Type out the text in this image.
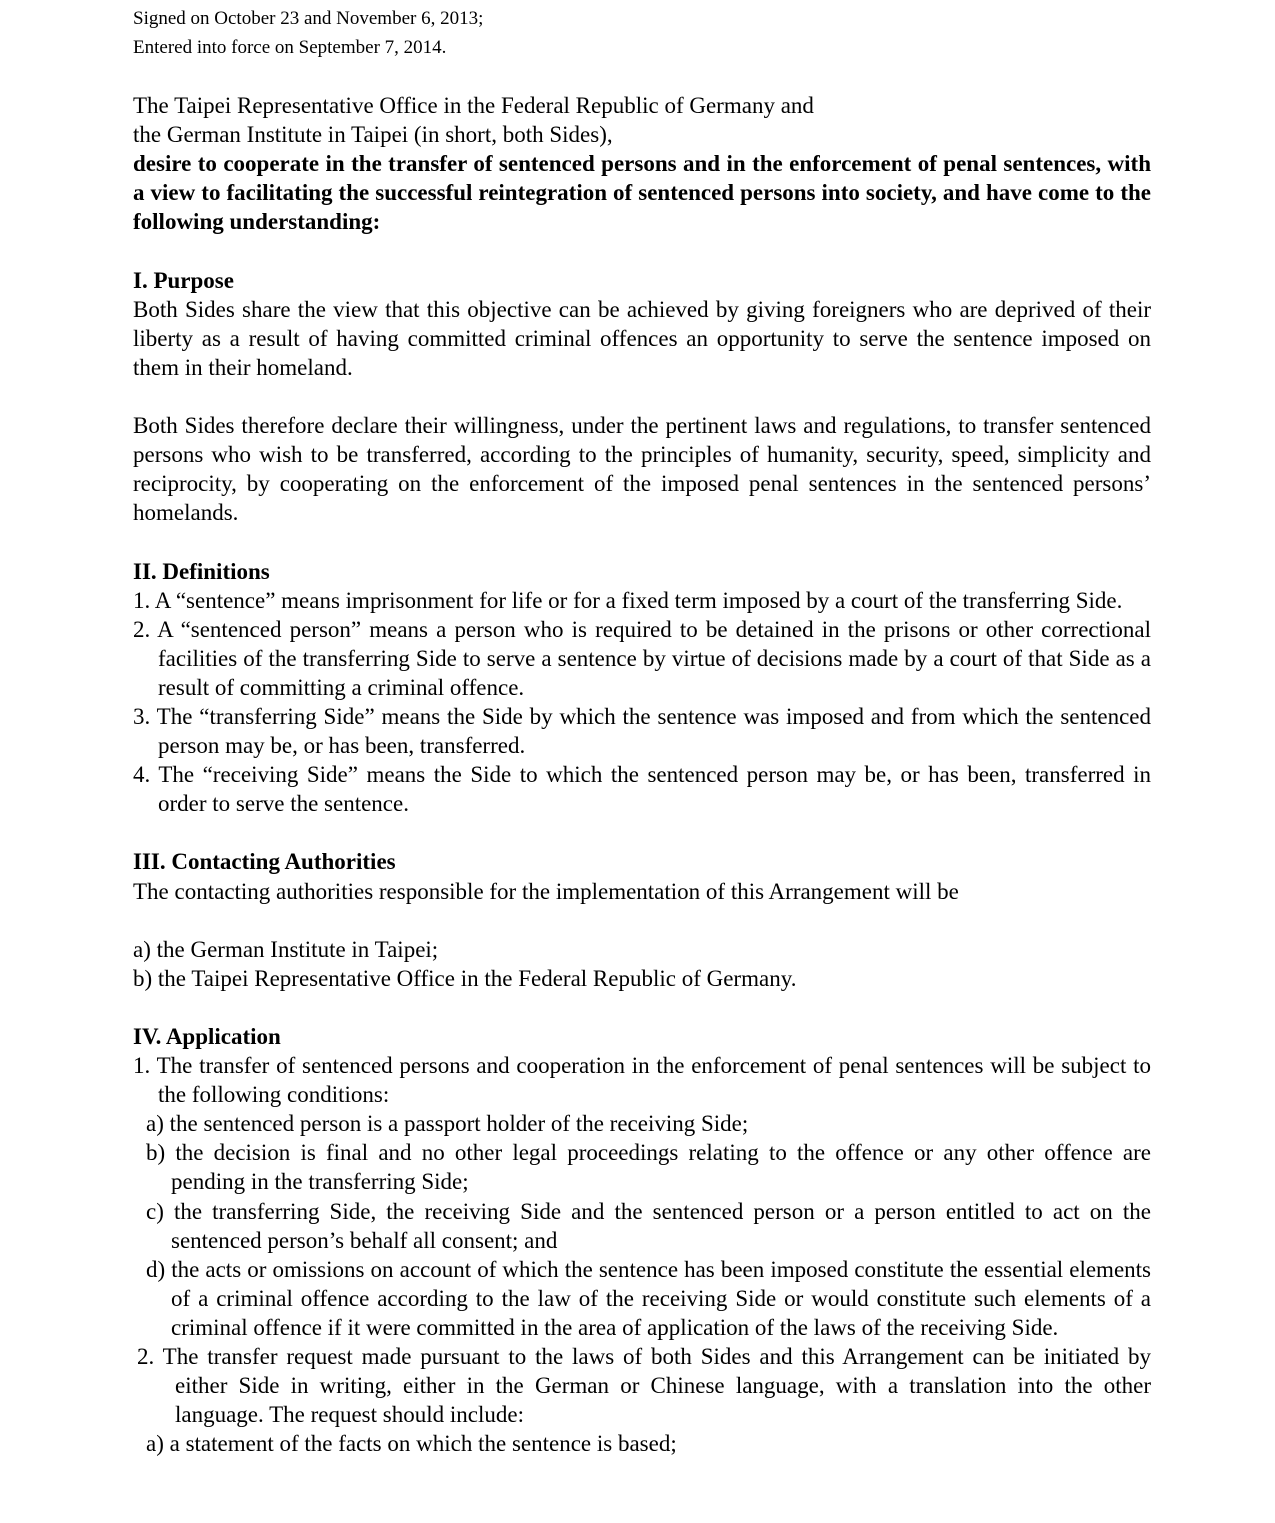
Signed on October 23 and November 6, 2013;
Entered into force on September 7, 2014.
The Taipei Representative Office in the Federal Republic of Germany and
the German Institute in Taipei (in short, both Sides),

desire to cooperate in the transfer of sentenced persons and in the enforcement of penal sentences, with a view to facilitating the successful reintegration of sentenced persons into society, and have come to the following understanding:

I. Purpose

Both Sides share the view that this objective can be achieved by giving foreigners who are deprived of their liberty as a result of having committed criminal offences an opportunity to serve the sentence imposed on them in their homeland.

Both Sides therefore declare their willingness, under the pertinent laws and regulations, to transfer sentenced persons who wish to be transferred, according to the principles of humanity, security, speed, simplicity and reciprocity, by cooperating on the enforcement of the imposed penal sentences in the sentenced persons’ homelands.

II. Definitions

1. A “sentence” means imprisonment for life or for a fixed term imposed by a court of the transferring Side.

2. A “sentenced person” means a person who is required to be detained in the prisons or other correctional facilities of the transferring Side to serve a sentence by virtue of decisions made by a court of that Side as a result of committing a criminal offence.

3. The “transferring Side” means the Side by which the sentence was imposed and from which the sentenced person may be, or has been, transferred.

4. The “receiving Side” means the Side to which the sentenced person may be, or has been, transferred in order to serve the sentence.

III. Contacting Authorities

The contacting authorities responsible for the implementation of this Arrangement will be

a) the German Institute in Taipei;

b) the Taipei Representative Office in the Federal Republic of Germany.

IV. Application

1. The transfer of sentenced persons and cooperation in the enforcement of penal sentences will be subject to the following conditions:

a) the sentenced person is a passport holder of the receiving Side;

b) the decision is final and no other legal proceedings relating to the offence or any other offence are pending in the transferring Side;

c) the transferring Side, the receiving Side and the sentenced person or a person entitled to act on the sentenced person’s behalf all consent; and

d) the acts or omissions on account of which the sentence has been imposed constitute the essential elements of a criminal offence according to the law of the receiving Side or would constitute such elements of a criminal offence if it were committed in the area of application of the laws of the receiving Side.

2. The transfer request made pursuant to the laws of both Sides and this Arrangement can be initiated by either Side in writing, either in the German or Chinese language, with a translation into the other language. The request should include:

a) a statement of the facts on which the sentence is based;
